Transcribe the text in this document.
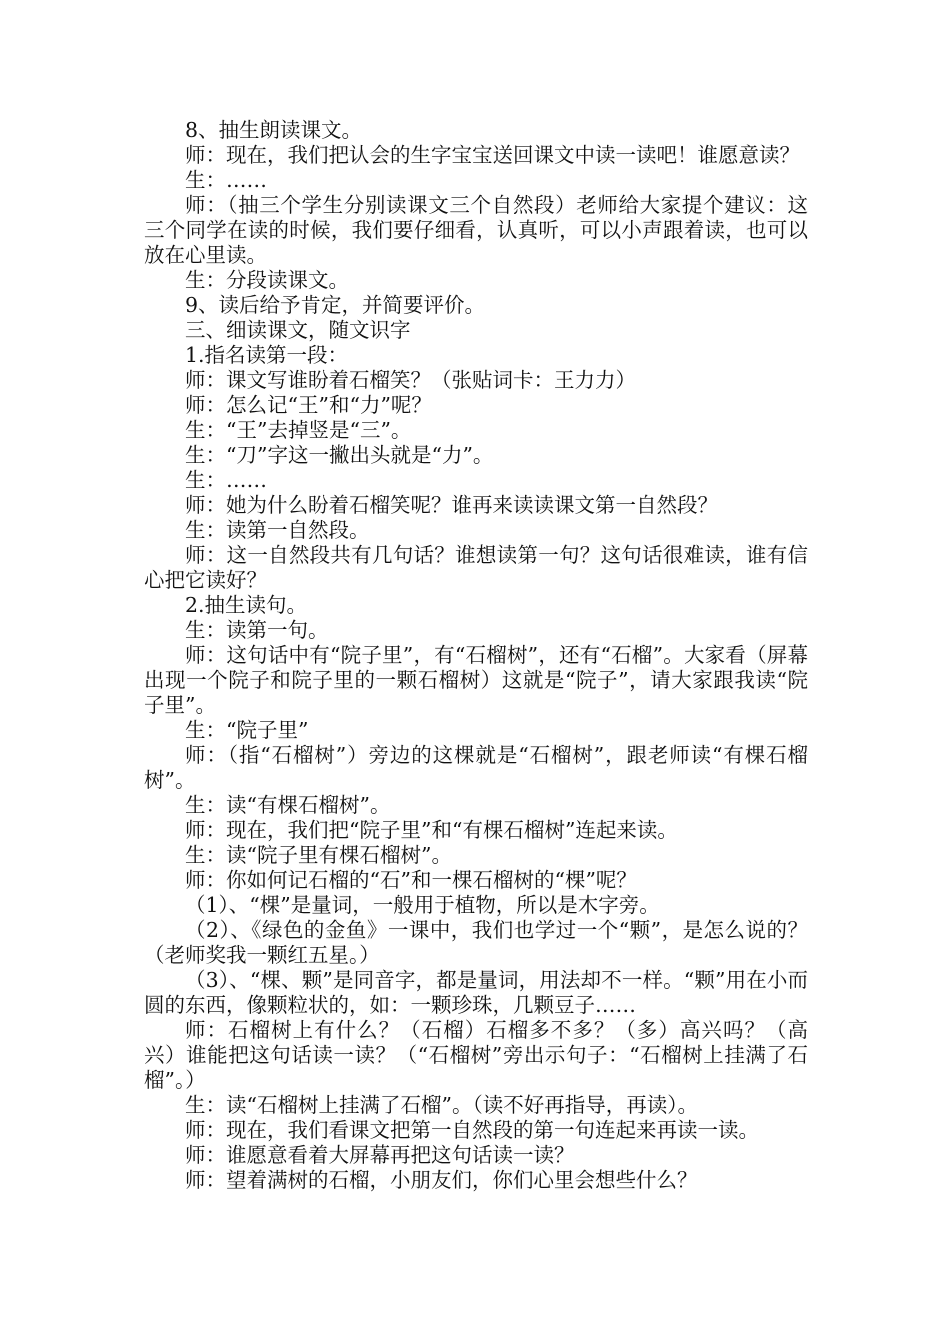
8、抽生朗读课文。

师：现在，我们把认会的生字宝宝送回课文中读一读吧！谁愿意读？

生：……

师：（抽三个学生分别读课文三个自然段）老师给大家提个建议：这三个同学在读的时候，我们要仔细看，认真听，可以小声跟着读，也可以放在心里读。

生：分段读课文。

9、读后给予肯定，并简要评价。

三、细读课文，随文识字

1.指名读第一段：

师：课文写谁盼着石榴笑？（张贴词卡：王力力）

师：怎么记“王”和“力”呢？

生：“王”去掉竖是“三”。

生：“刀”字这一撇出头就是“力”。

生：……

师：她为什么盼着石榴笑呢？谁再来读读课文第一自然段？

生：读第一自然段。

师：这一自然段共有几句话？谁想读第一句？这句话很难读，谁有信心把它读好？

2.抽生读句。

生：读第一句。

师：这句话中有“院子里”，有“石榴树”，还有“石榴”。大家看（屏幕出现一个院子和院子里的一颗石榴树）这就是“院子”，请大家跟我读“院子里”。

生：“院子里”

师：（指“石榴树”）旁边的这棵就是“石榴树”，跟老师读“有棵石榴树”。

生：读“有棵石榴树”。

师：现在，我们把“院子里”和“有棵石榴树”连起来读。

生：读“院子里有棵石榴树”。

师：你如何记石榴的“石”和一棵石榴树的“棵”呢？

（1）、“棵”是量词，一般用于植物，所以是木字旁。

（2）、《绿色的金鱼》一课中，我们也学过一个“颗”，是怎么说的？（老师奖我一颗红五星。）

（3）、“棵、颗”是同音字，都是量词，用法却不一样。“颗”用在小而圆的东西，像颗粒状的，如：一颗珍珠，几颗豆子……

师：石榴树上有什么？（石榴）石榴多不多？（多）高兴吗？（高兴）谁能把这句话读一读？（“石榴树”旁出示句子：“石榴树上挂满了石榴”。）

生：读“石榴树上挂满了石榴”。（读不好再指导，再读）。

师：现在，我们看课文把第一自然段的第一句连起来再读一读。

师：谁愿意看着大屏幕再把这句话读一读？

师：望着满树的石榴，小朋友们，你们心里会想些什么？
